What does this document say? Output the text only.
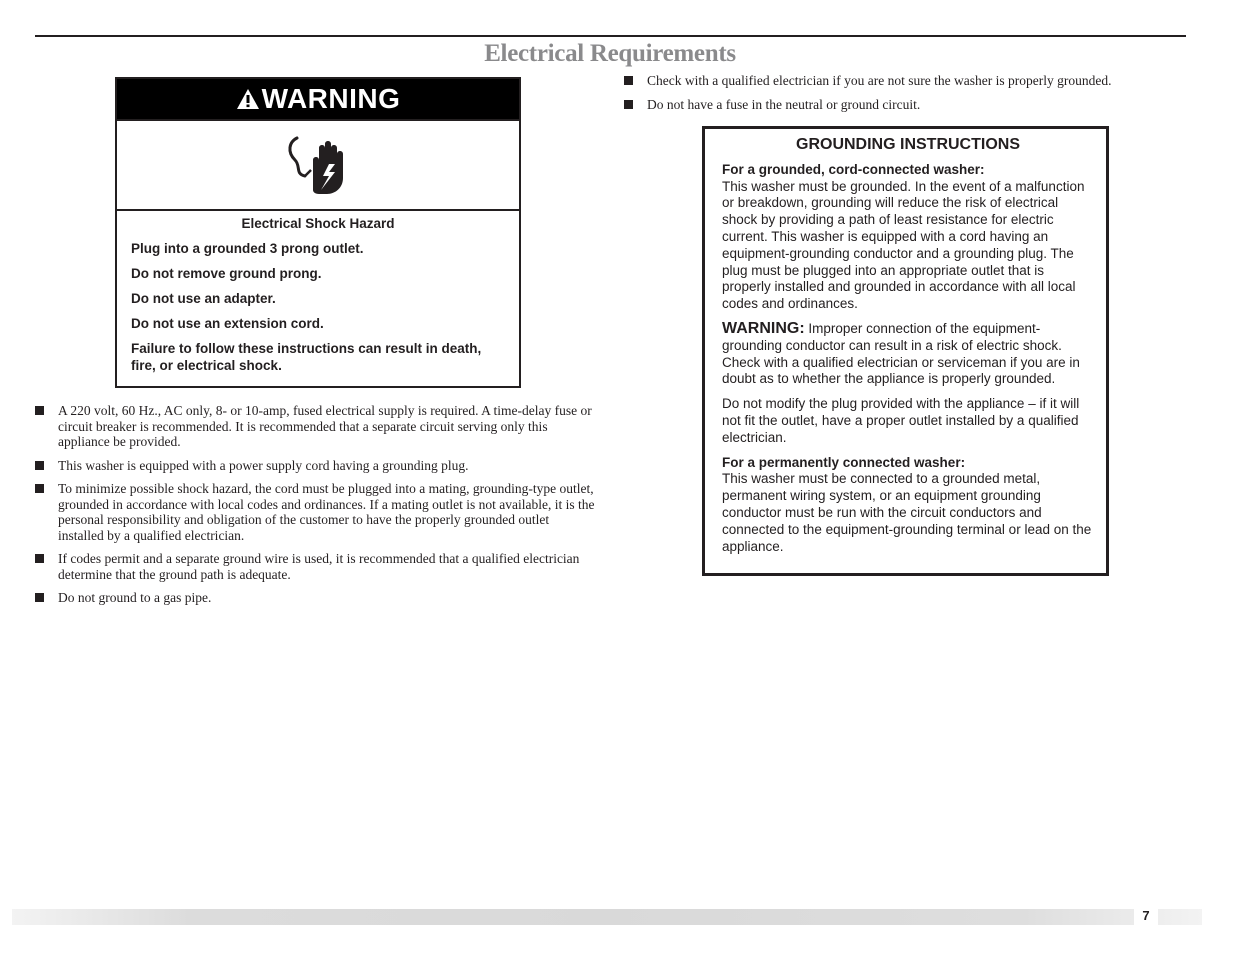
Electrical Requirements
WARNING

Electrical Shock Hazard

Plug into a grounded 3 prong outlet.

Do not remove ground prong.

Do not use an adapter.

Do not use an extension cord.

Failure to follow these instructions can result in death, fire, or electrical shock.

A 220 volt, 60 Hz., AC only, 8- or 10-amp, fused electrical supply is required. A time-delay fuse or circuit breaker is recommended. It is recommended that a separate circuit serving only this appliance be provided.
This washer is equipped with a power supply cord having a grounding plug.
To minimize possible shock hazard, the cord must be plugged into a mating, grounding-type outlet, grounded in accordance with local codes and ordinances. If a mating outlet is not available, it is the personal responsibility and obligation of the customer to have the properly grounded outlet installed by a qualified electrician.
If codes permit and a separate ground wire is used, it is recommended that a qualified electrician determine that the ground path is adequate.
Do not ground to a gas pipe.
Check with a qualified electrician if you are not sure the washer is properly grounded.
Do not have a fuse in the neutral or ground circuit.
GROUNDING INSTRUCTIONS

For a grounded, cord-connected washer:
This washer must be grounded. In the event of a malfunction or breakdown, grounding will reduce the risk of electrical shock by providing a path of least resistance for electric current. This washer is equipped with a cord having an equipment-grounding conductor and a grounding plug. The plug must be plugged into an appropriate outlet that is properly installed and grounded in accordance with all local codes and ordinances.

WARNING: Improper connection of the equipment-grounding conductor can result in a risk of electric shock. Check with a qualified electrician or serviceman if you are in doubt as to whether the appliance is properly grounded.

Do not modify the plug provided with the appliance – if it will not fit the outlet, have a proper outlet installed by a qualified electrician.

For a permanently connected washer:
This washer must be connected to a grounded metal, permanent wiring system, or an equipment grounding conductor must be run with the circuit conductors and connected to the equipment-grounding terminal or lead on the appliance.

7
